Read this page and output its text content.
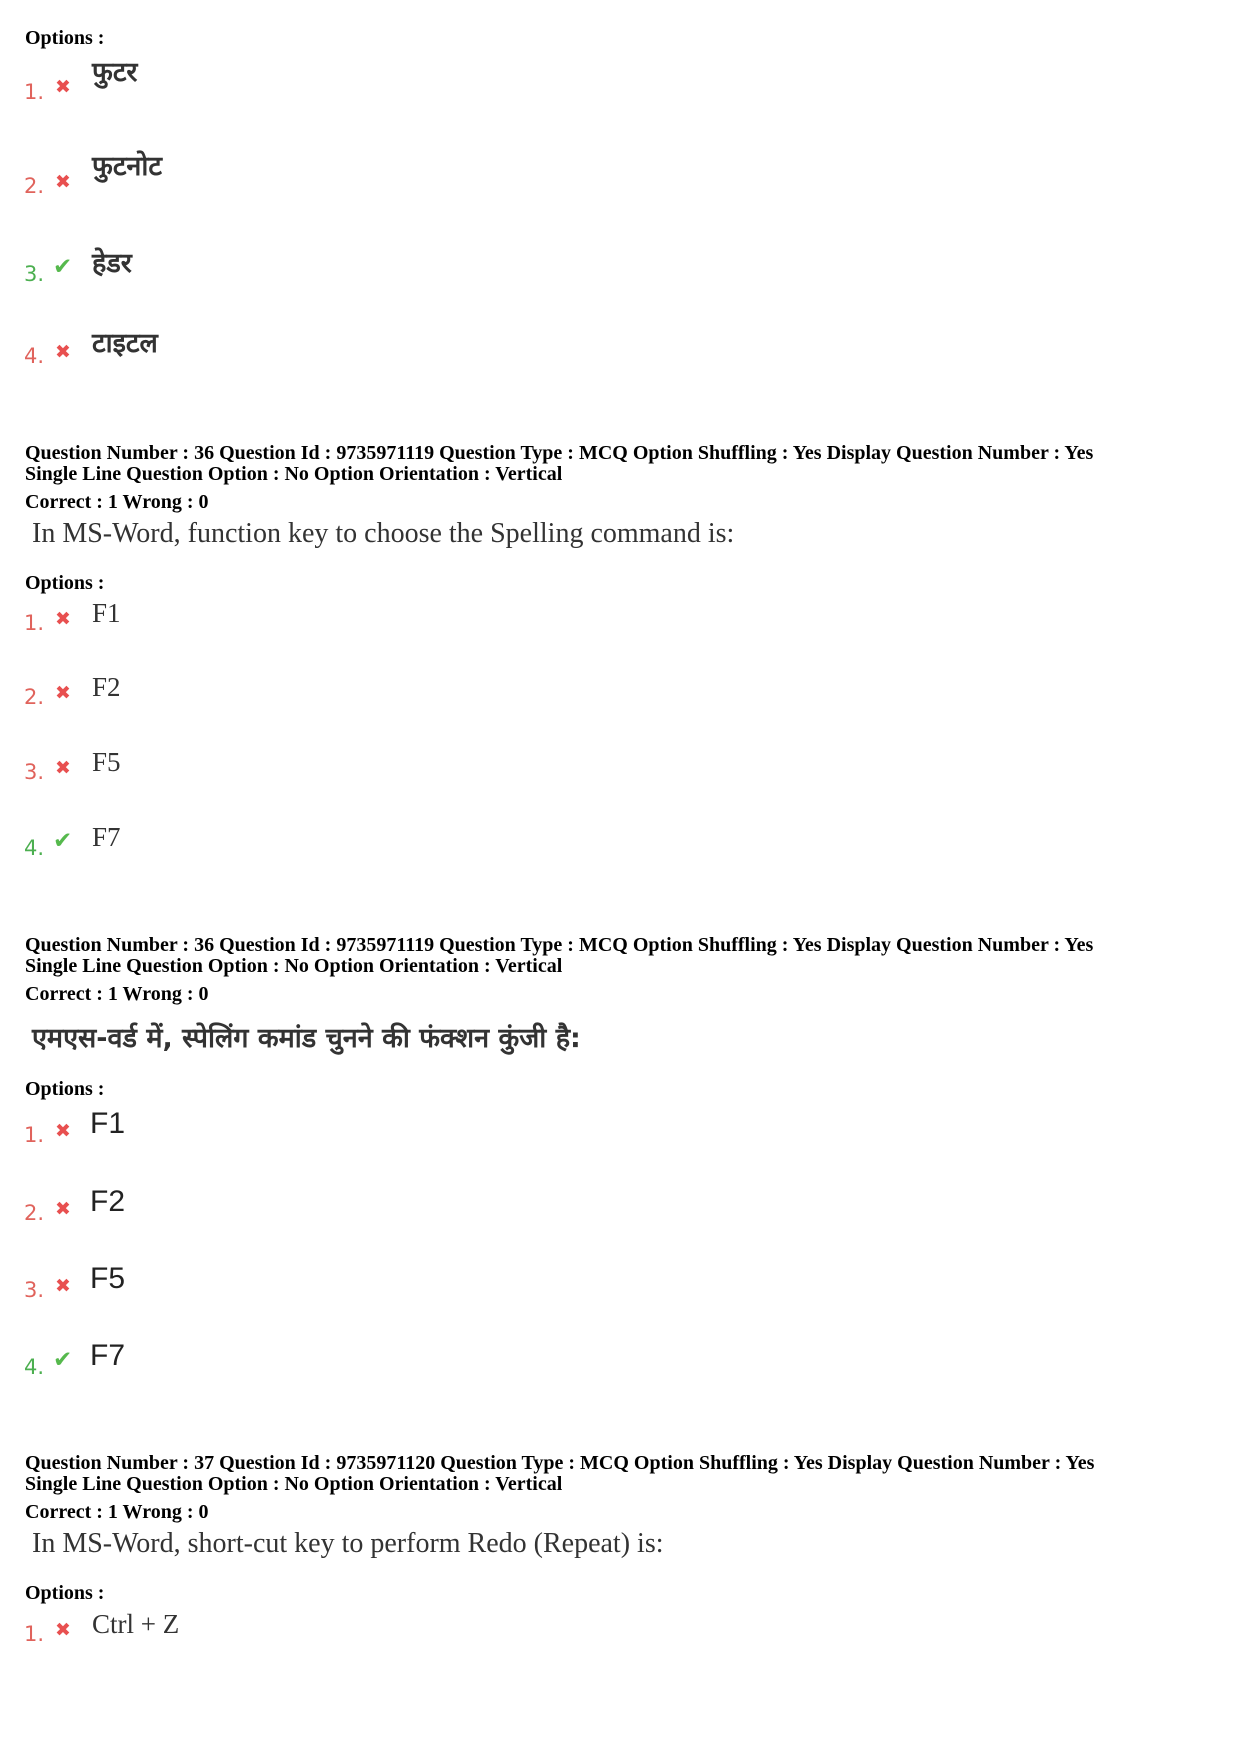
Options :
1. ✖ फुटर
2. ✖ फुटनोट
3. ✔ हेडर
4. ✖ टाइटल
Question Number : 36 Question Id : 9735971119 Question Type : MCQ Option Shuffling : Yes Display Question Number : Yes
Single Line Question Option : No Option Orientation : Vertical
Correct : 1 Wrong : 0
In MS-Word, function key to choose the Spelling command is:
Options :
1. ✖ F1
2. ✖ F2
3. ✖ F5
4. ✔ F7
Question Number : 36 Question Id : 9735971119 Question Type : MCQ Option Shuffling : Yes Display Question Number : Yes
Single Line Question Option : No Option Orientation : Vertical
Correct : 1 Wrong : 0
एमएस-वर्ड में, स्पेलिंग कमांड चुनने की फंक्शन कुंजी है:
Options :
1. ✖ F1
2. ✖ F2
3. ✖ F5
4. ✔ F7
Question Number : 37 Question Id : 9735971120 Question Type : MCQ Option Shuffling : Yes Display Question Number : Yes
Single Line Question Option : No Option Orientation : Vertical
Correct : 1 Wrong : 0
In MS-Word, short-cut key to perform Redo (Repeat) is:
Options :
1. ✖ Ctrl + Z
